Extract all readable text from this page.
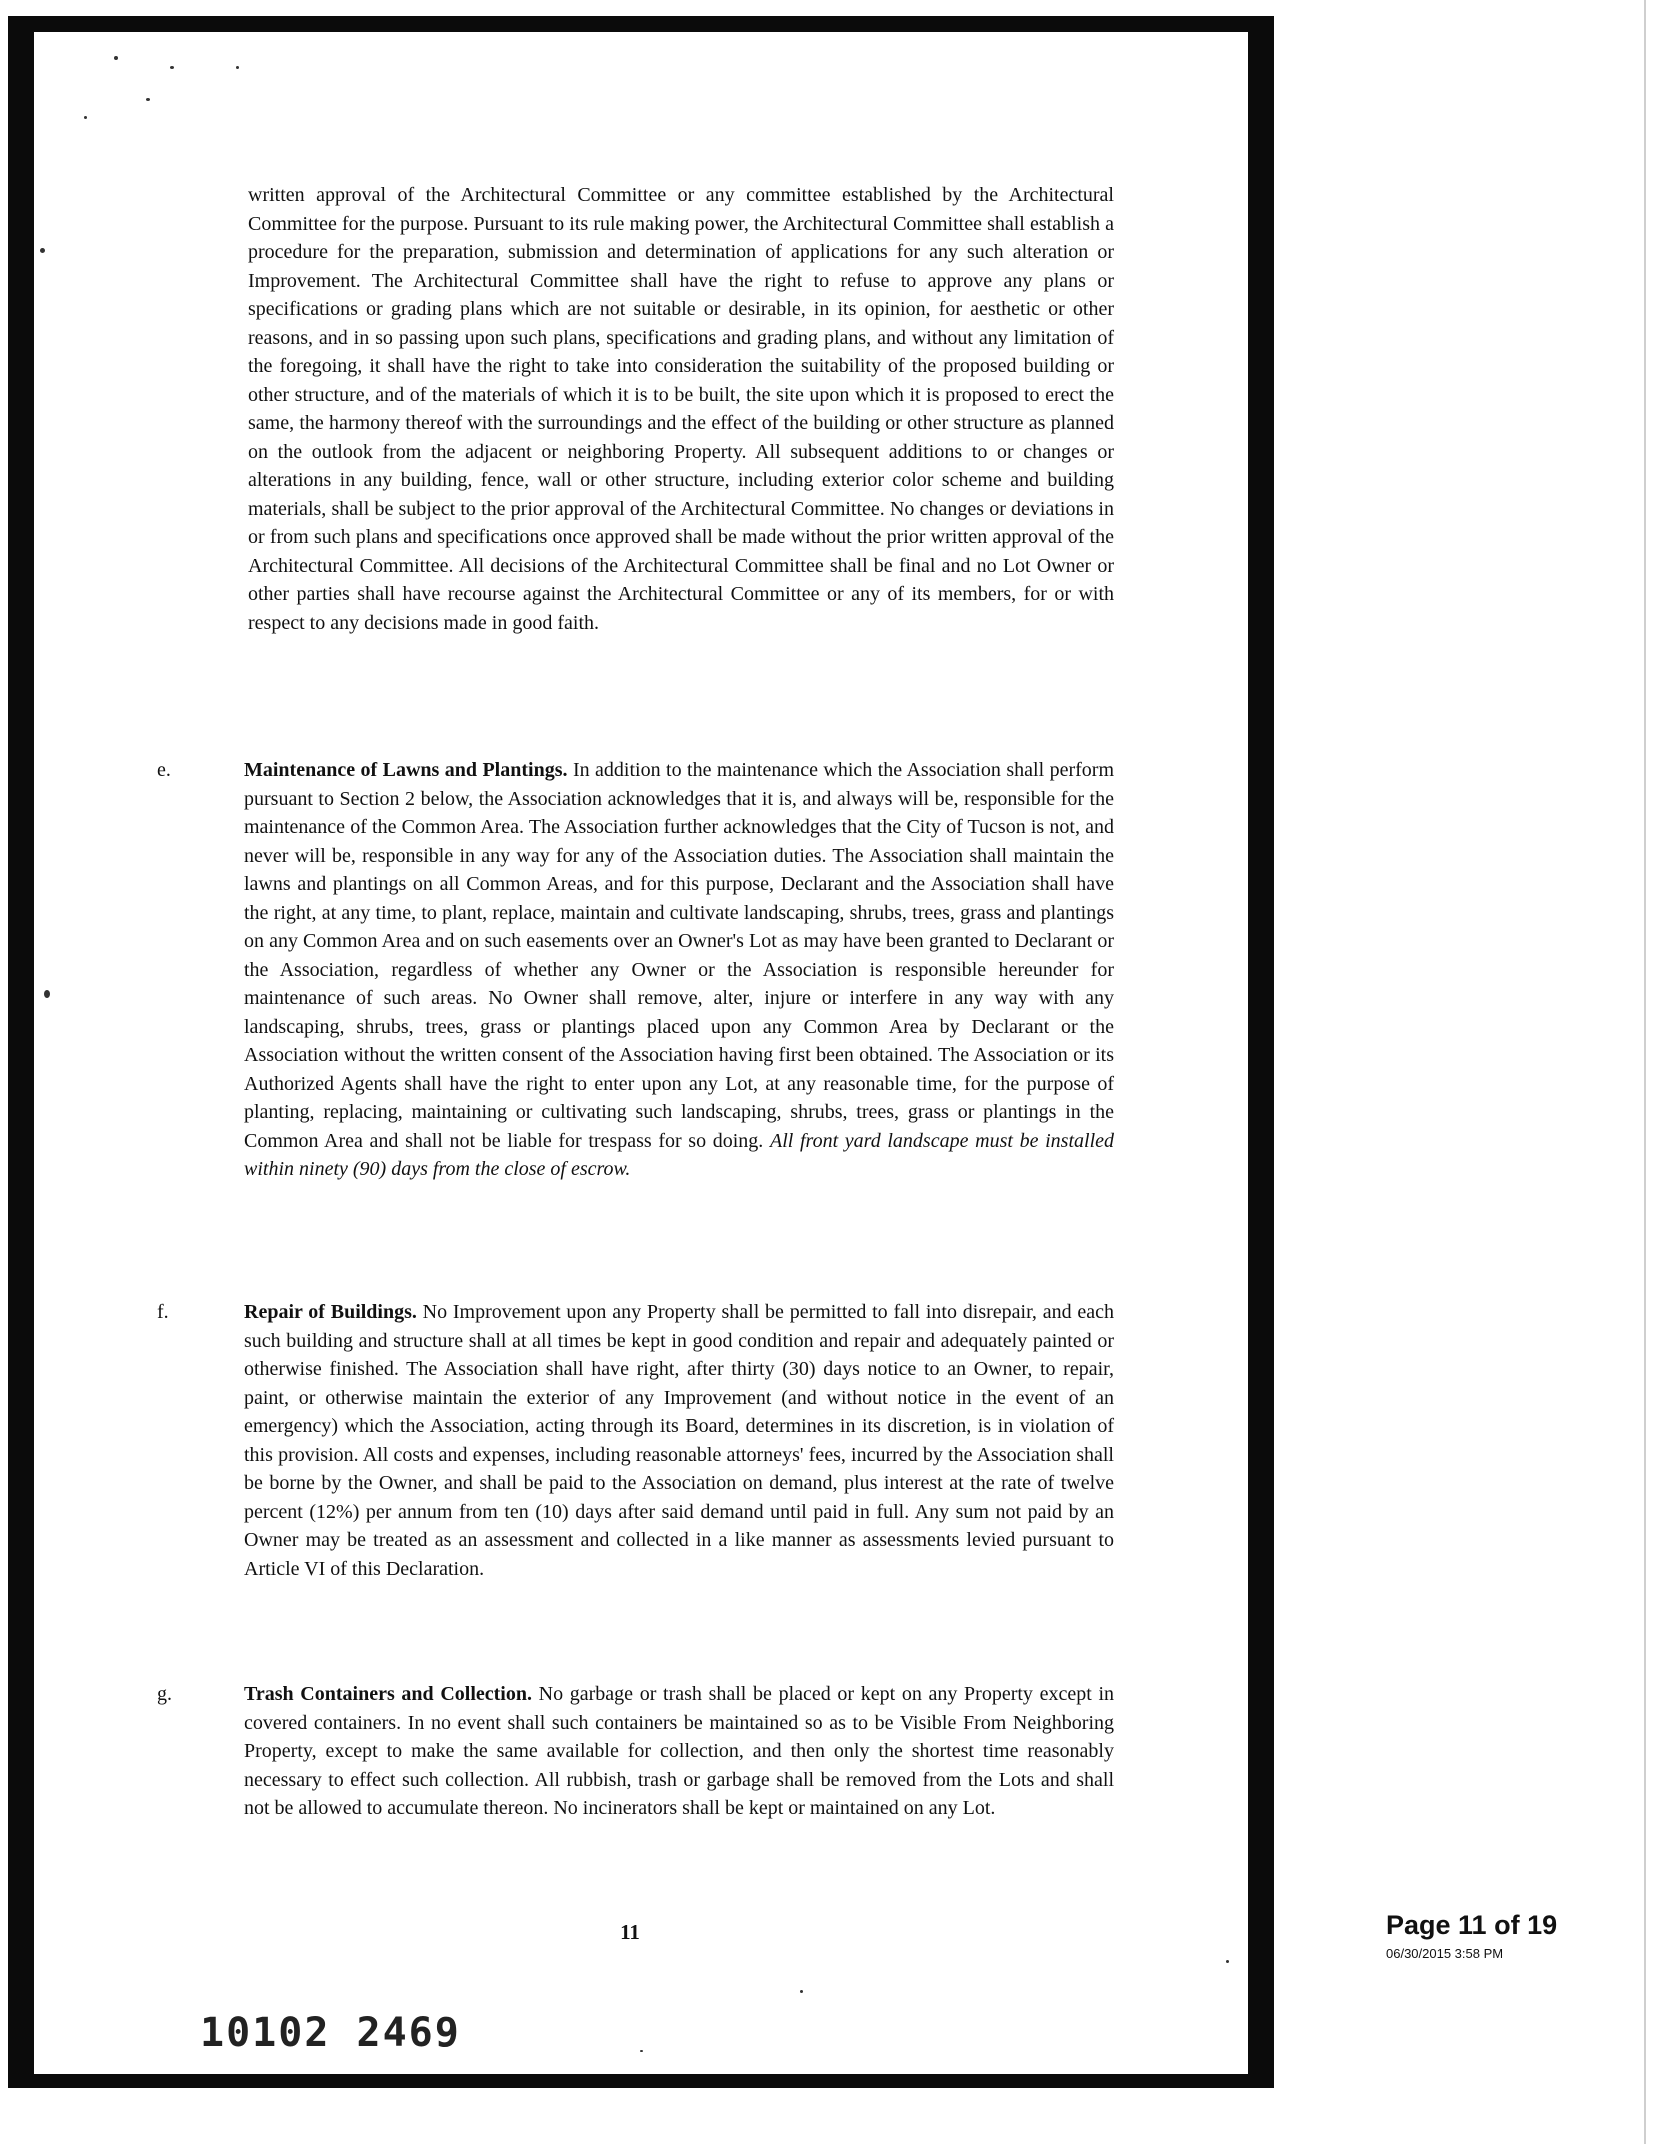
written approval of the Architectural Committee or any committee established by the Architectural Committee for the purpose. Pursuant to its rule making power, the Architectural Committee shall establish a procedure for the preparation, submission and determination of applications for any such alteration or Improvement. The Architectural Committee shall have the right to refuse to approve any plans or specifications or grading plans which are not suitable or desirable, in its opinion, for aesthetic or other reasons, and in so passing upon such plans, specifications and grading plans, and without any limitation of the foregoing, it shall have the right to take into consideration the suitability of the proposed building or other structure, and of the materials of which it is to be built, the site upon which it is proposed to erect the same, the harmony thereof with the surroundings and the effect of the building or other structure as planned on the outlook from the adjacent or neighboring Property. All subsequent additions to or changes or alterations in any building, fence, wall or other structure, including exterior color scheme and building materials, shall be subject to the prior approval of the Architectural Committee. No changes or deviations in or from such plans and specifications once approved shall be made without the prior written approval of the Architectural Committee. All decisions of the Architectural Committee shall be final and no Lot Owner or other parties shall have recourse against the Architectural Committee or any of its members, for or with respect to any decisions made in good faith.

e.	Maintenance of Lawns and Plantings. In addition to the maintenance which the Association shall perform pursuant to Section 2 below, the Association acknowledges that it is, and always will be, responsible for the maintenance of the Common Area. The Association further acknowledges that the City of Tucson is not, and never will be, responsible in any way for any of the Association duties. The Association shall maintain the lawns and plantings on all Common Areas, and for this purpose, Declarant and the Association shall have the right, at any time, to plant, replace, maintain and cultivate landscaping, shrubs, trees, grass and plantings on any Common Area and on such easements over an Owner's Lot as may have been granted to Declarant or the Association, regardless of whether any Owner or the Association is responsible hereunder for maintenance of such areas. No Owner shall remove, alter, injure or interfere in any way with any landscaping, shrubs, trees, grass or plantings placed upon any Common Area by Declarant or the Association without the written consent of the Association having first been obtained. The Association or its Authorized Agents shall have the right to enter upon any Lot, at any reasonable time, for the purpose of planting, replacing, maintaining or cultivating such landscaping, shrubs, trees, grass or plantings in the Common Area and shall not be liable for trespass for so doing. All front yard landscape must be installed within ninety (90) days from the close of escrow.

f.	Repair of Buildings. No Improvement upon any Property shall be permitted to fall into disrepair, and each such building and structure shall at all times be kept in good condition and repair and adequately painted or otherwise finished. The Association shall have right, after thirty (30) days notice to an Owner, to repair, paint, or otherwise maintain the exterior of any Improvement (and without notice in the event of an emergency) which the Association, acting through its Board, determines in its discretion, is in violation of this provision. All costs and expenses, including reasonable attorneys' fees, incurred by the Association shall be borne by the Owner, and shall be paid to the Association on demand, plus interest at the rate of twelve percent (12%) per annum from ten (10) days after said demand until paid in full. Any sum not paid by an Owner may be treated as an assessment and collected in a like manner as assessments levied pursuant to Article VI of this Declaration.

g.	Trash Containers and Collection. No garbage or trash shall be placed or kept on any Property except in covered containers. In no event shall such containers be maintained so as to be Visible From Neighboring Property, except to make the same available for collection, and then only the shortest time reasonably necessary to effect such collection. All rubbish, trash or garbage shall be removed from the Lots and shall not be allowed to accumulate thereon. No incinerators shall be kept or maintained on any Lot.

11
10102 2469
Page 11 of 19
06/30/2015 3:58 PM
